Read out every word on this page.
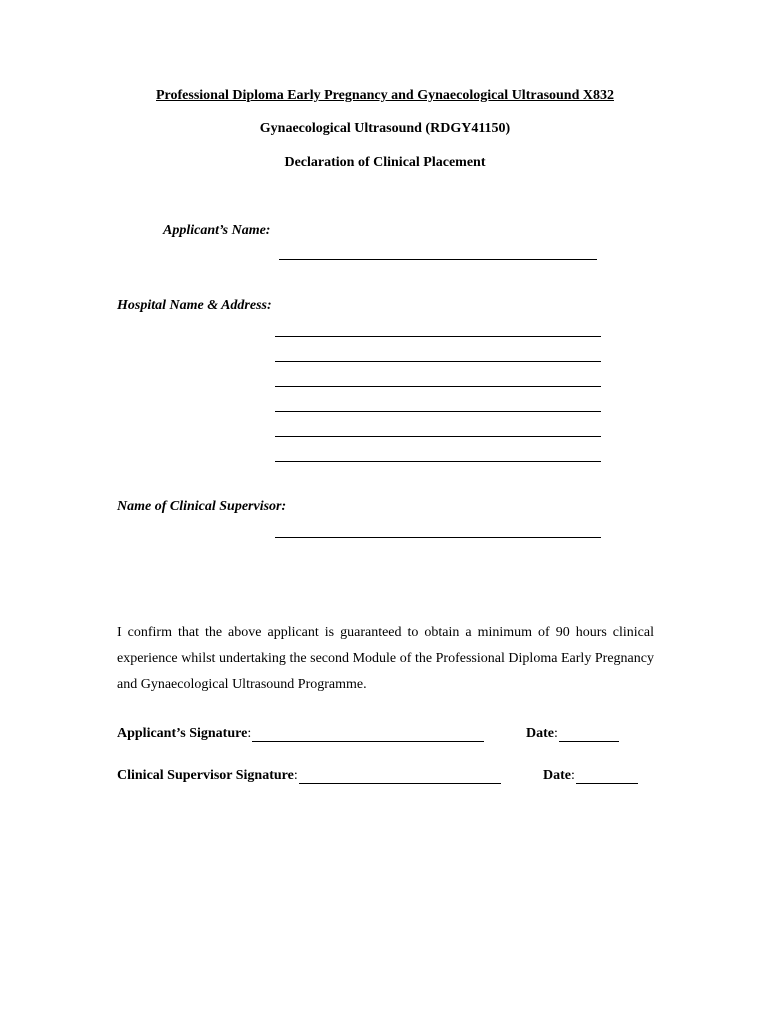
Professional Diploma Early Pregnancy and Gynaecological Ultrasound X832
Gynaecological Ultrasound (RDGY41150)
Declaration of Clinical Placement
Applicant’s Name:
Hospital Name & Address:
Name of Clinical Supervisor:
I confirm that the above applicant is guaranteed to obtain a minimum of 90 hours clinical experience whilst undertaking the second Module of the Professional Diploma Early Pregnancy and Gynaecological Ultrasound Programme.
Applicant’s Signature :	Date :
Clinical Supervisor Signature :	Date :
